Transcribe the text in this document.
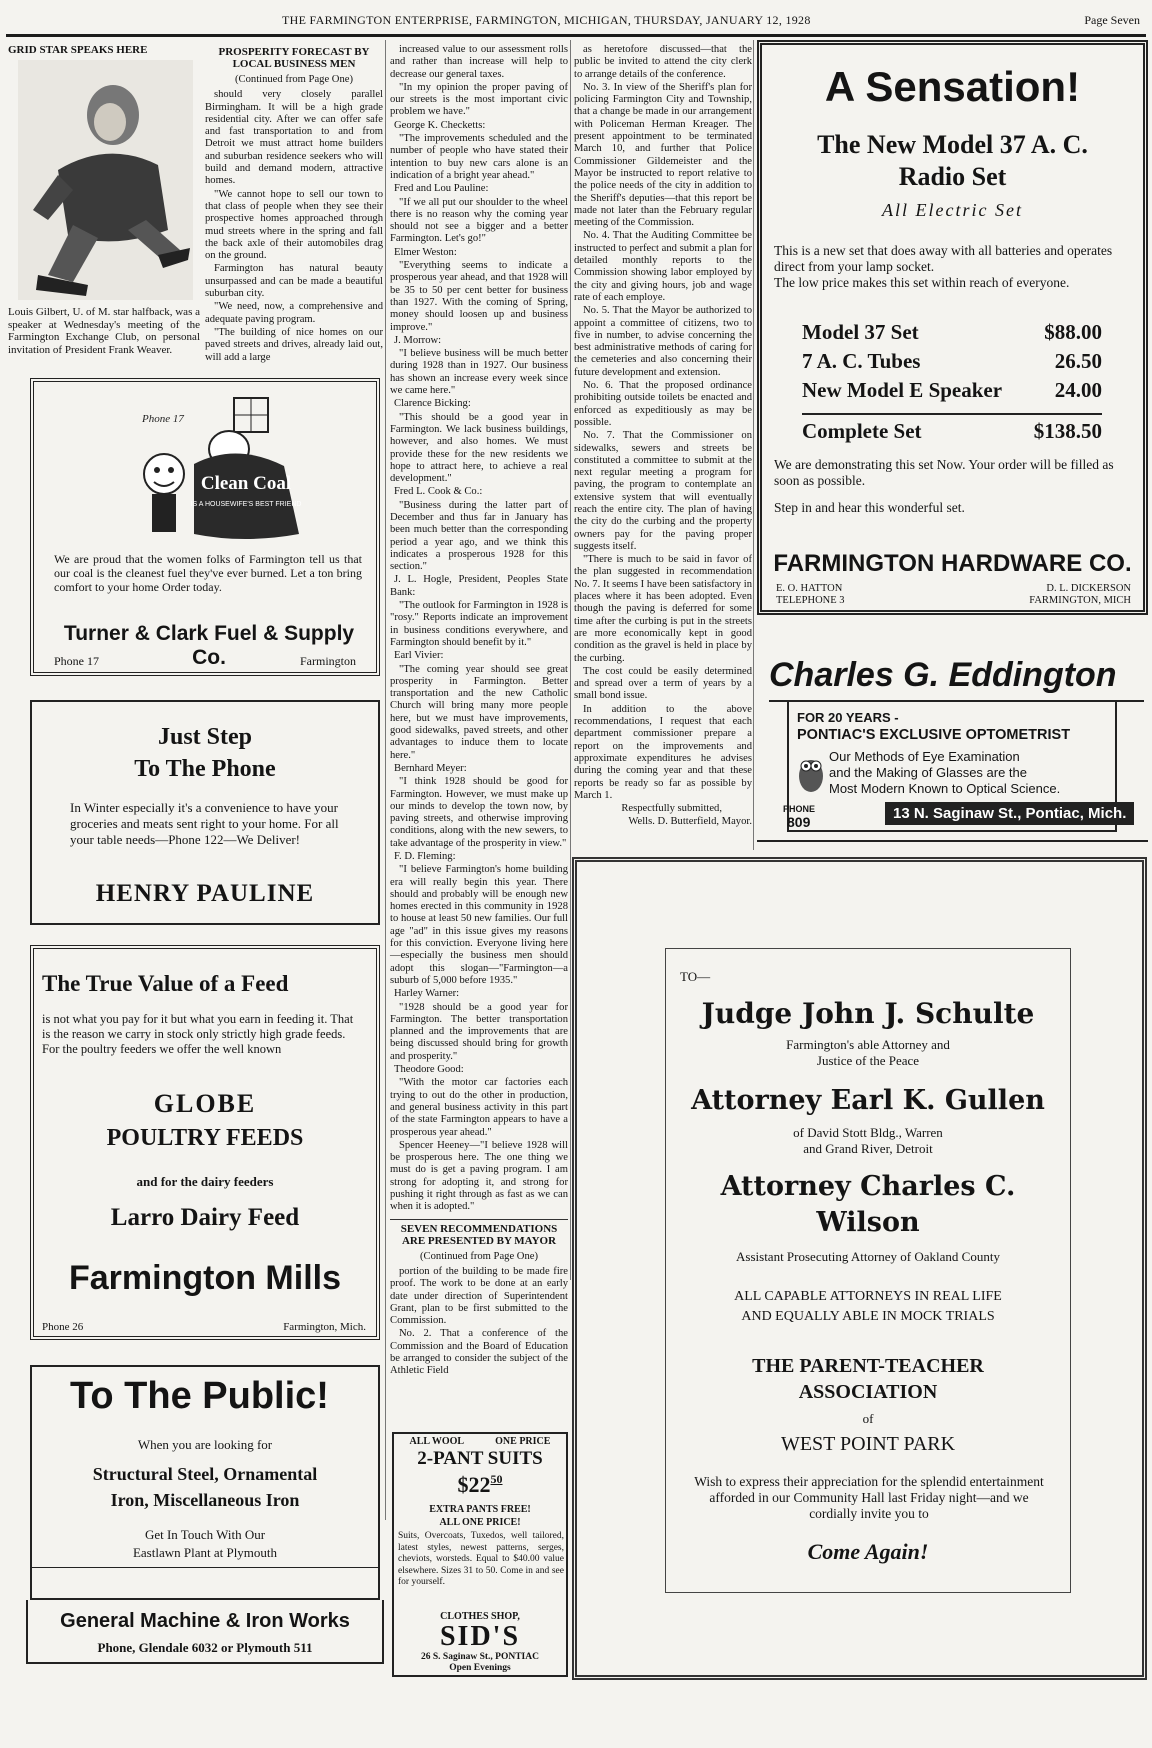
THE FARMINGTON ENTERPRISE, FARMINGTON, MICHIGAN, THURSDAY, JANUARY 12, 1928	Page Seven
GRID STAR SPEAKS HERE
Louis Gilbert, U. of M. star halfback, was a speaker at Wednesday's meeting of the Farmington Exchange Club, on personal invitation of President Frank Weaver.
PROSPERITY FORECAST BY LOCAL BUSINESS MEN

(Continued from Page One)

should very closely parallel Birmingham. It will be a high grade residential city. After we can offer safe and fast transportation to and from Detroit we must attract home builders and suburban residence seekers who will build and demand modern, attractive homes.

"We cannot hope to sell our town to that class of people when they see their prospective homes approached through mud streets where in the spring and fall the back axle of their automobiles drag on the ground.

Farmington has natural beauty unsurpassed and can be made a beautiful suburban city.

"We need, now, a comprehensive and adequate paving program.

"The building of nice homes on our paved streets and drives, already laid out, will add a large

Clean Coal
IS A HOUSEWIFE'S BEST FRIEND
Phone 17
We are proud that the women folks of Farmington tell us that our coal is the cleanest fuel they've ever burned. Let a ton bring comfort to your home Order today.
Turner & Clark Fuel & Supply Co.
Phone 17	Farmington
Just Step
To The Phone
In Winter especially it's a convenience to have your groceries and meats sent right to your home. For all your table needs—Phone 122—We Deliver!
HENRY PAULINE
The True Value of a Feed
is not what you pay for it but what you earn in feeding it. That is the reason we carry in stock only strictly high grade feeds. For the poultry feeders we offer the well known
GLOBE
POULTRY FEEDS
and for the dairy feeders
Larro Dairy Feed
Farmington Mills
Phone 26	Farmington, Mich.
To The Public!
When you are looking for
Structural Steel, Ornamental
Iron, Miscellaneous Iron
Get In Touch With Our
Eastlawn Plant at Plymouth
General Machine & Iron Works
Phone, Glendale 6032 or Plymouth 511

increased value to our assessment rolls and rather than increase will help to decrease our general taxes.

"In my opinion the proper paving of our streets is the most important civic problem we have."

George K. Checketts:

"The improvements scheduled and the number of people who have stated their intention to buy new cars alone is an indication of a bright year ahead."

Fred and Lou Pauline:

"If we all put our shoulder to the wheel there is no reason why the coming year should not see a bigger and a better Farmington. Let's go!"

Elmer Weston:

"Everything seems to indicate a prosperous year ahead, and that 1928 will be 35 to 50 per cent better for business than 1927. With the coming of Spring, money should loosen up and business improve."

J. Morrow:

"I believe business will be much better during 1928 than in 1927. Our business has shown an increase every week since we came here."

Clarence Bicking:

"This should be a good year in Farmington. We lack business buildings, however, and also homes. We must provide these for the new residents we hope to attract here, to achieve a real development."

Fred L. Cook & Co.:

"Business during the latter part of December and thus far in January has been much better than the corresponding period a year ago, and we think this indicates a prosperous 1928 for this section."

J. L. Hogle, President, Peoples State Bank:

"The outlook for Farmington in 1928 is "rosy." Reports indicate an improvement in business conditions everywhere, and Farmington should benefit by it."

Earl Vivier:

"The coming year should see great prosperity in Farmington. Better transportation and the new Catholic Church will bring many more people here, but we must have improvements, good sidewalks, paved streets, and other advantages to induce them to locate here."

Bernhard Meyer:

"I think 1928 should be good for Farmington. However, we must make up our minds to develop the town now, by paving streets, and otherwise improving conditions, along with the new sewers, to take advantage of the prosperity in view."

F. D. Fleming:

"I believe Farmington's home building era will really begin this year. There should and probably will be enough new homes erected in this community in 1928 to house at least 50 new families. Our full age "ad" in this issue gives my reasons for this conviction. Everyone living here—especially the business men should adopt this slogan—"Farmington—a suburb of 5,000 before 1935."

Harley Warner:

"1928 should be a good year for Farmington. The better transportation planned and the improvements that are being discussed should bring for growth and prosperity."

Theodore Good:

"With the motor car factories each trying to out do the other in production, and general business activity in this part of the state Farmington appears to have a prosperous year ahead."

Spencer Heeney—"I believe 1928 will be prosperous here. The one thing we must do is get a paving program. I am strong for adopting it, and strong for pushing it right through as fast as we can when it is adopted."

SEVEN RECOMMENDATIONS ARE PRESENTED BY MAYOR

(Continued from Page One)

portion of the building to be made fire proof. The work to be done at an early date under direction of Superintendent Grant, plan to be first submitted to the Commission.

No. 2. That a conference of the Commission and the Board of Education be arranged to consider the subject of the Athletic Field

ALL WOOL	ONE PRICE
2-PANT SUITS
$\$22^{50}$
EXTRA PANTS FREE!
ALL ONE PRICE!
Suits, Overcoats, Tuxedos, well tailored, latest styles, newest patterns, serges, cheviots, worsteds. Equal to $40.00 value elsewhere. Sizes 31 to 50. Come in and see for yourself.
CLOTHES SHOP,
SID'S
26 S. Saginaw St., PONTIAC
Open Evenings

as heretofore discussed—that the public be invited to attend the city clerk to arrange details of the conference.

No. 3. In view of the Sheriff's plan for policing Farmington City and Township, that a change be made in our arrangement with Policeman Herman Kreager. The present appointment to be terminated March 10, and further that Police Commissioner Gildemeister and the Mayor be instructed to report relative to the police needs of the city in addition to the Sheriff's deputies—that this report be made not later than the February regular meeting of the Commission.

No. 4. That the Auditing Committee be instructed to perfect and submit a plan for detailed monthly reports to the Commission showing labor employed by the city and giving hours, job and wage rate of each employe.

No. 5. That the Mayor be authorized to appoint a committee of citizens, two to five in number, to advise concerning the best administrative methods of caring for the cemeteries and also concerning their future development and extension.

No. 6. That the proposed ordinance prohibiting outside toilets be enacted and enforced as expeditiously as may be possible.

No. 7. That the Commissioner on sidewalks, sewers and streets be constituted a committee to submit at the next regular meeting a program for paving, the program to contemplate an extensive system that will eventually reach the entire city. The plan of having the city do the curbing and the property owners pay for the paving proper suggests itself.

"There is much to be said in favor of the plan suggested in recommendation No. 7. It seems I have been satisfactory in places where it has been adopted. Even though the paving is deferred for some time after the curbing is put in the streets are more economically kept in good condition as the gravel is held in place by the curbing.

The cost could be easily determined and spread over a term of years by a small bond issue.

In addition to the above recommendations, I request that each department commissioner prepare a report on the improvements and approximate expenditures he advises during the coming year and that these reports be ready so far as possible by March 1.

Respectfully submitted,

Wells. D. Butterfield, Mayor.

A Sensation!
The New Model 37 A. C.
Radio Set
All Electric Set
This is a new set that does away with all batteries and operates direct from your lamp socket.
The low price makes this set within reach of everyone.
Model 37 Set	$88.00
7 A. C. Tubes	26.50
New Model E Speaker	24.00
Complete Set	$138.50
We are demonstrating this set Now. Your order will be filled as soon as possible.
Step in and hear this wonderful set.
FARMINGTON HARDWARE CO.
E. O. HATTON
TELEPHONE 3
D. L. DICKERSON
FARMINGTON, MICH
Charles G. Eddington
FOR 20 YEARS -
PONTIAC'S EXCLUSIVE OPTOMETRIST
Our Methods of Eye Examination
and the Making of Glasses are the
Most Modern Known to Optical Science.
PHONE
809	13 N. Saginaw St., Pontiac, Mich.
TO—
Judge John J. Schulte
Farmington's able Attorney and
Justice of the Peace
Attorney Earl K. Gullen
of David Stott Bldg., Warren
and Grand River, Detroit
Attorney Charles C.
Wilson
Assistant Prosecuting Attorney of Oakland County
ALL CAPABLE ATTORNEYS IN REAL LIFE
AND EQUALLY ABLE IN MOCK TRIALS
THE PARENT-TEACHER
ASSOCIATION
of
WEST POINT PARK
Wish to express their appreciation for the splendid entertainment afforded in our Community Hall last Friday night—and we cordially invite you to
Come Again!
